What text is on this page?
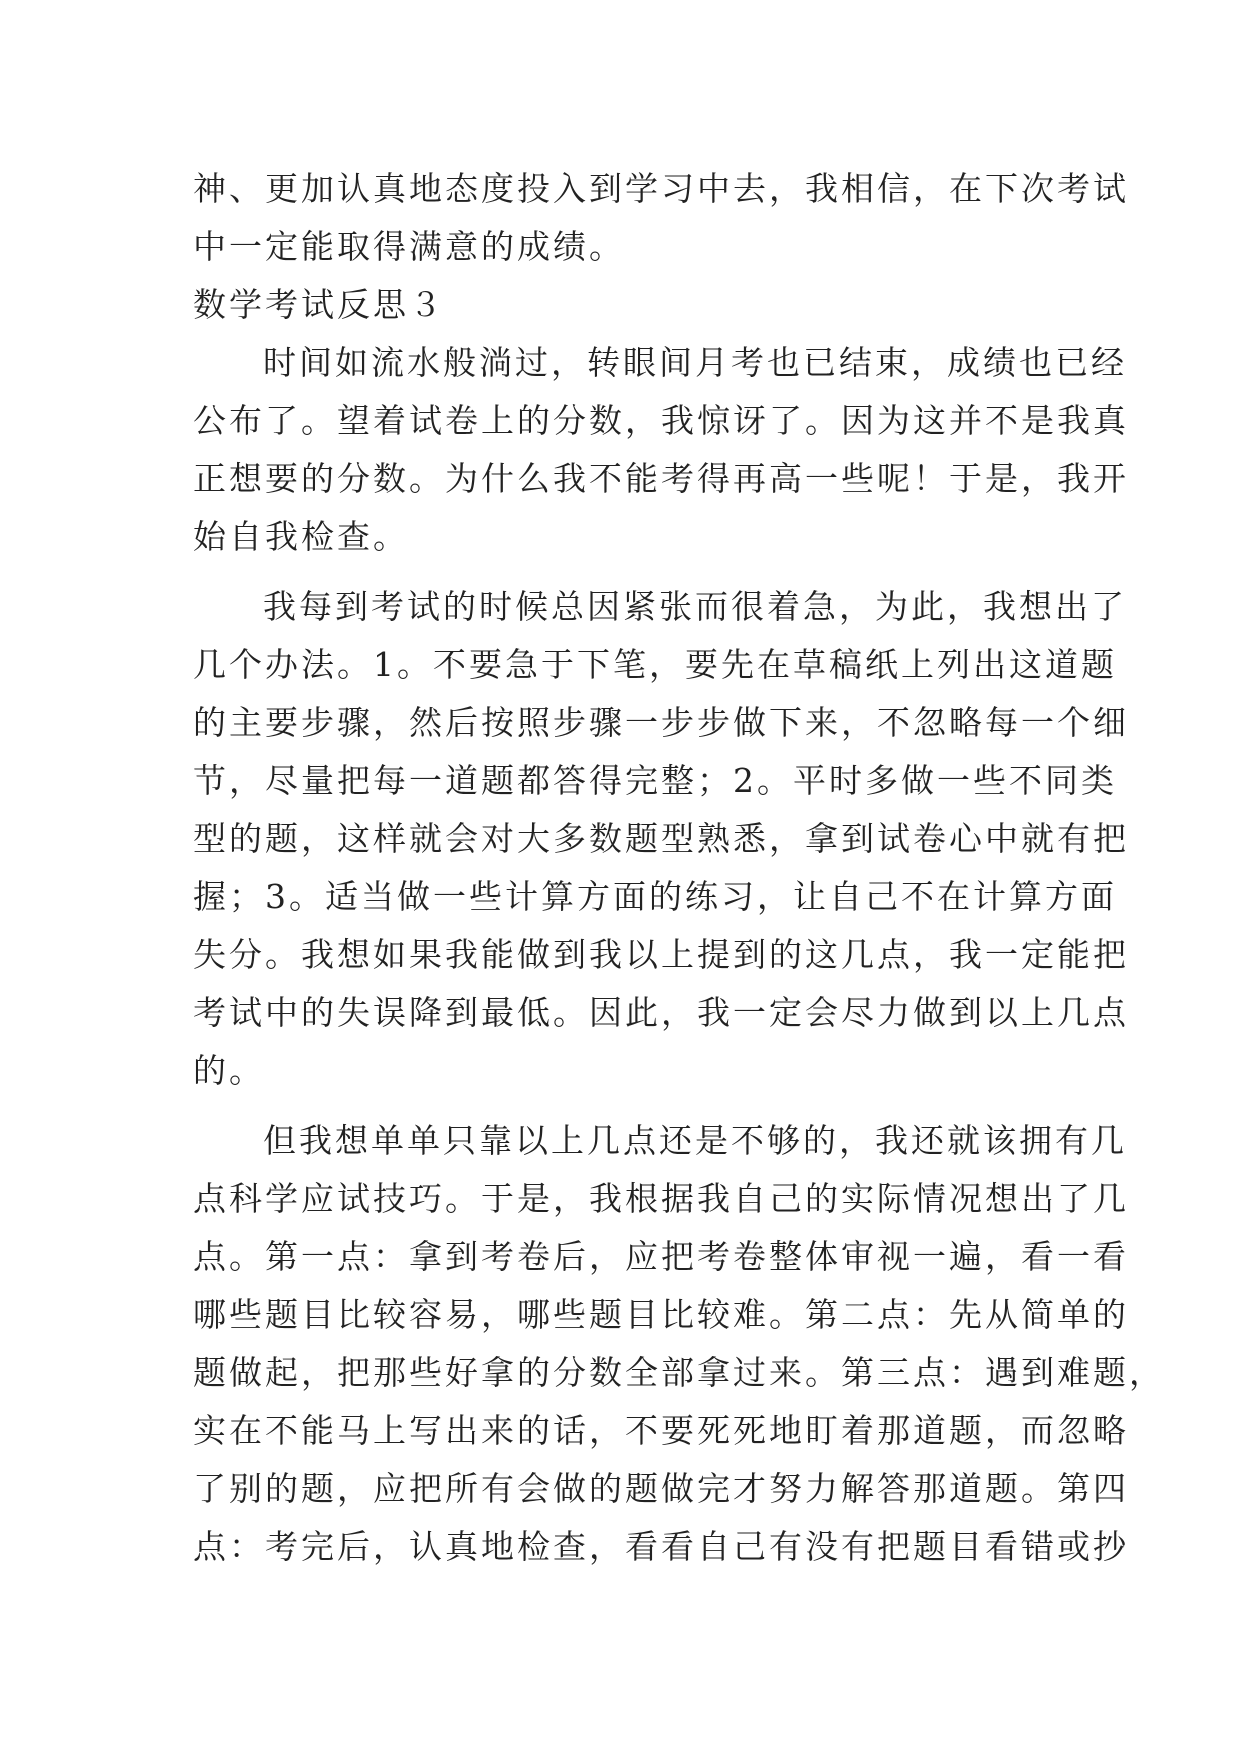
神、更加认真地态度投入到学习中去，我相信，在下次考试
中一定能取得满意的成绩。
数学考试反思３
时间如流水般淌过，转眼间月考也已结束，成绩也已经
公布了。望着试卷上的分数，我惊讶了。因为这并不是我真
正想要的分数。为什么我不能考得再高一些呢！于是，我开
始自我检查。
我每到考试的时候总因紧张而很着急，为此，我想出了
几个办法。1。不要急于下笔，要先在草稿纸上列出这道题
的主要步骤，然后按照步骤一步步做下来，不忽略每一个细
节，尽量把每一道题都答得完整；2。平时多做一些不同类
型的题，这样就会对大多数题型熟悉，拿到试卷心中就有把
握；3。适当做一些计算方面的练习，让自己不在计算方面
失分。我想如果我能做到我以上提到的这几点，我一定能把
考试中的失误降到最低。因此，我一定会尽力做到以上几点
的。
但我想单单只靠以上几点还是不够的，我还就该拥有几
点科学应试技巧。于是，我根据我自己的实际情况想出了几
点。第一点：拿到考卷后，应把考卷整体审视一遍，看一看
哪些题目比较容易，哪些题目比较难。第二点：先从简单的
题做起，把那些好拿的分数全部拿过来。第三点：遇到难题，
实在不能马上写出来的话，不要死死地盯着那道题，而忽略
了别的题，应把所有会做的题做完才努力解答那道题。第四
点：考完后，认真地检查，看看自己有没有把题目看错或抄
